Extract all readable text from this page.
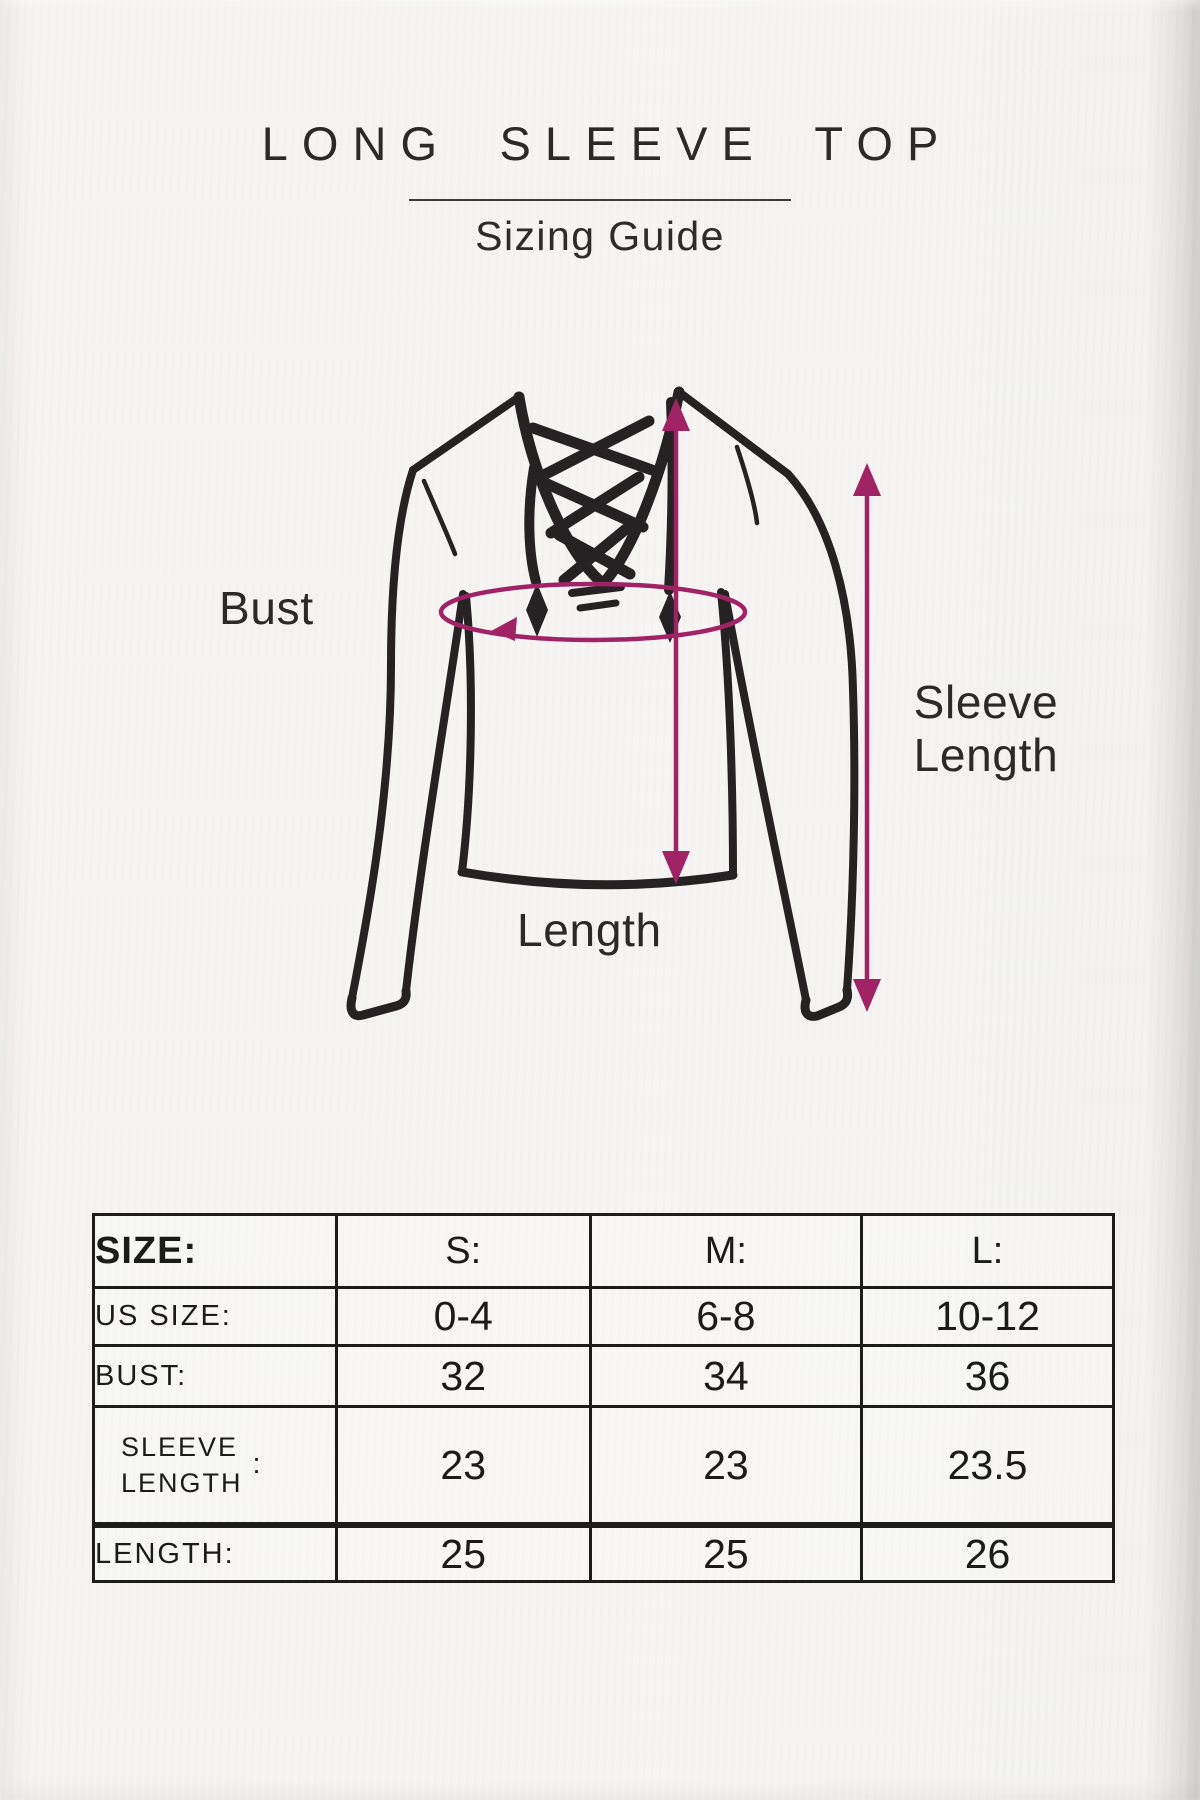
LONG SLEEVE TOP
Sizing Guide
Bust
Sleeve
Length
Length
SIZE:	S:	M:	L:
US SIZE:	0-4	6-8	10-12
BUST:	32	34	36

SLEEVE
LENGTH
:	23	23	23.5
LENGTH:	25	25	26
